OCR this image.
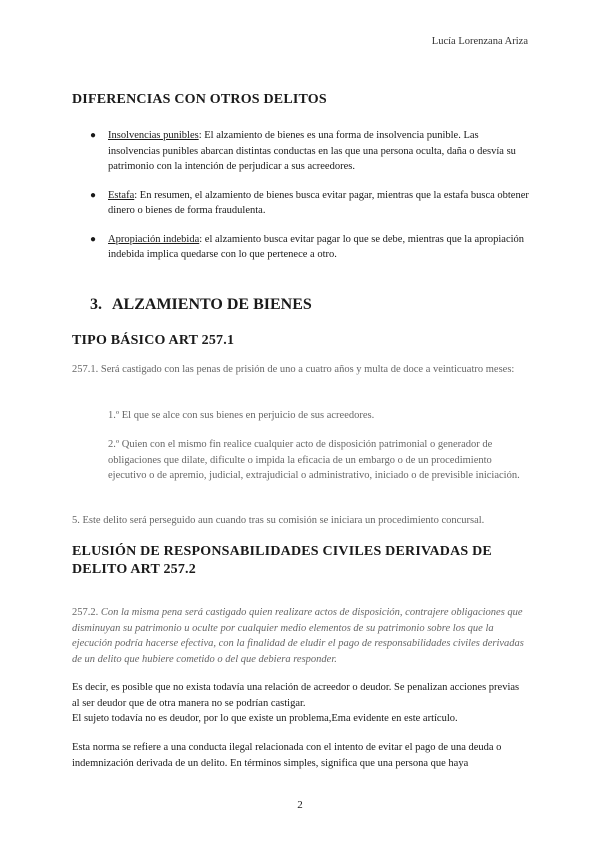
Lucía Lorenzana Ariza
DIFERENCIAS CON OTROS DELITOS
● Insolvencias punibles: El alzamiento de bienes es una forma de insolvencia punible. Las insolvencias punibles abarcan distintas conductas en las que una persona oculta, daña o desvía su patrimonio con la intención de perjudicar a sus acreedores.
● Estafa: En resumen, el alzamiento de bienes busca evitar pagar, mientras que la estafa busca obtener dinero o bienes de forma fraudulenta.
● Apropiación indebida: el alzamiento busca evitar pagar lo que se debe, mientras que la apropiación indebida implica quedarse con lo que pertenece a otro.
3. ALZAMIENTO DE BIENES
TIPO BÁSICO ART 257.1

257.1. Será castigado con las penas de prisión de uno a cuatro años y multa de doce a veinticuatro meses:

1.º El que se alce con sus bienes en perjuicio de sus acreedores.

2.º Quien con el mismo fin realice cualquier acto de disposición patrimonial o generador de obligaciones que dilate, dificulte o impida la eficacia de un embargo o de un procedimiento ejecutivo o de apremio, judicial, extrajudicial o administrativo, iniciado o de previsible iniciación.

5. Este delito será perseguido aun cuando tras su comisión se iniciara un procedimiento concursal.

ELUSIÓN DE RESPONSABILIDADES CIVILES DERIVADAS DE DELITO ART 257.2

257.2. Con la misma pena será castigado quien realizare actos de disposición, contrajere obligaciones que disminuyan su patrimonio u oculte por cualquier medio elementos de su patrimonio sobre los que la ejecución podría hacerse efectiva, con la finalidad de eludir el pago de responsabilidades civiles derivadas de un delito que hubiere cometido o del que debiera responder.

Es decir, es posible que no exista todavía una relación de acreedor o deudor. Se penalizan acciones previas al ser deudor que de otra manera no se podrían castigar.

El sujeto todavía no es deudor, por lo que existe un problema,Ema evidente en este artículo.

Esta norma se refiere a una conducta ilegal relacionada con el intento de evitar el pago de una deuda o indemnización derivada de un delito. En términos simples, significa que una persona que haya

2
